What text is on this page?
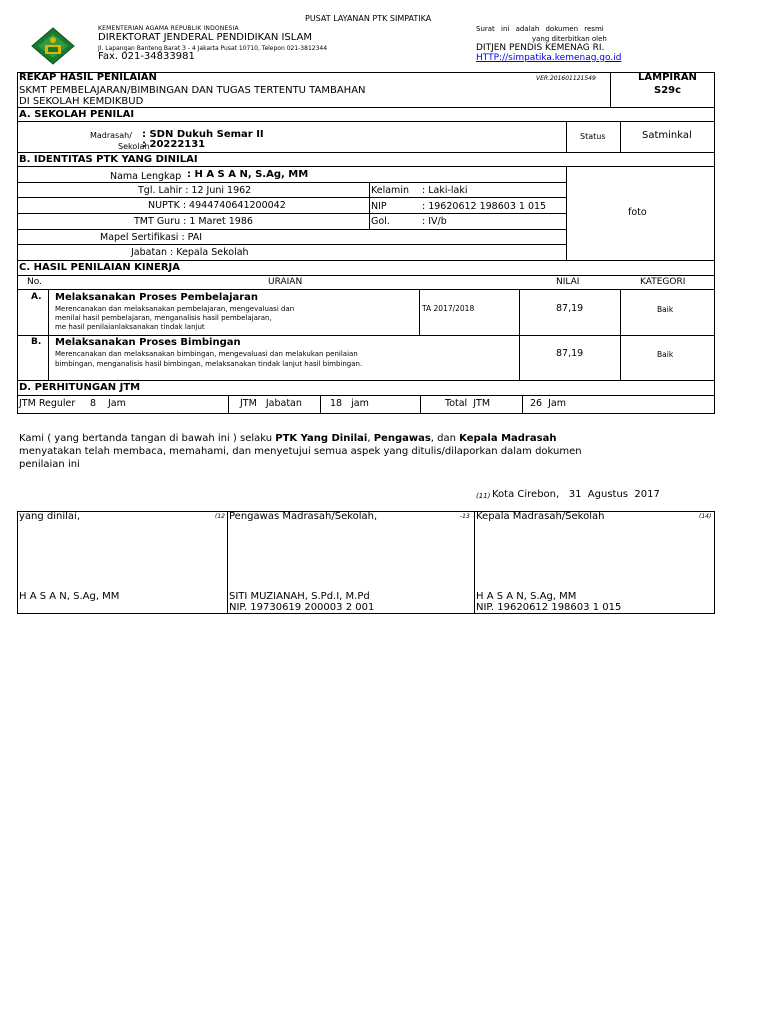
PUSAT LAYANAN PTK SIMPATIKA
KEMENTERIAN AGAMA REPUBLIK INDONESIA
DIREKTORAT JENDERAL PENDIDIKAN ISLAM
Jl. Lapangan Banteng Barat 3 - 4 Jakarta Pusat 10710, Telepon 021-3812344
Fax. 021-34833981
Surat ini adalah dokumen resmi
yang diterbitkan oleh
DITJEN PENDIS KEMENAG RI.
HTTP://simpatika.kemenag.go.id
REKAP HASIL PENILAIAN	VER.201601121549	LAMPIRAN
S29c
SKMT PEMBELAJARAN/BIMBINGAN DAN TUGAS TERTENTU TAMBAHAN
DI SEKOLAH KEMDIKBUD
A. SEKOLAH PENILAI
Madrasah/ : SDN Dukuh Semar II
Sekolah
: 20222131
Status	Satminkal
B. IDENTITAS PTK YANG DINILAI
Nama Lengkap : H A S A N, S.Ag, MM
Tgl. Lahir : 12 Juni 1962
NUPTK : 4944740641200042
TMT Guru : 1 Maret 1986
Mapel Sertifikasi : PAI
Jabatan : Kepala Sekolah
Kelamin : Laki-laki
NIP	: 19620612 198603 1 015
Gol.	: IV/b
foto
C. HASIL PENILAIAN KINERJA
No.	URAIAN	NILAI	KATEGORI
A. Melaksanakan Proses Pembelajaran
Merencanakan dan melaksanakan pembelajaran, mengevaluasi dan
menilai hasil pembelajaran, menganalisis hasil pembelajaran,
me hasil penilaianlaksanakan tindak lanjut
TA 2017/2018	87,19	Baik
B. Melaksanakan Proses Bimbingan
Merencanakan dan melaksanakan bimbingan, mengevaluasi dan melakukan penilaian
bimbingan, menganalisis hasil bimbingan, melaksanakan tindak lanjut hasil bimbingan.
87,19	Baik
D. PERHITUNGAN JTM
JTM Reguler 8 Jam	JTM   Jabatan	18   jam	Total  JTM	26  Jam
Kami ( yang bertanda tangan di bawah ini ) selaku PTK Yang Dinilai, Pengawas, dan Kepala Madrasah
menyatakan telah membaca, memahami, dan menyetujui semua aspek yang ditulis/dilaporkan dalam dokumen
penilaian ini
(11) Kota Cirebon,   31  Agustus  2017
yang dinilai,	(12
H A S A N, S.Ag, MM
Pengawas Madrasah/Sekolah,	-13
SITI MUZIANAH, S.Pd.I, M.Pd
NIP. 19730619 200003 2 001
Kepala Madrasah/Sekolah	(14)
H A S A N, S.Ag, MM
NIP. 19620612 198603 1 015
